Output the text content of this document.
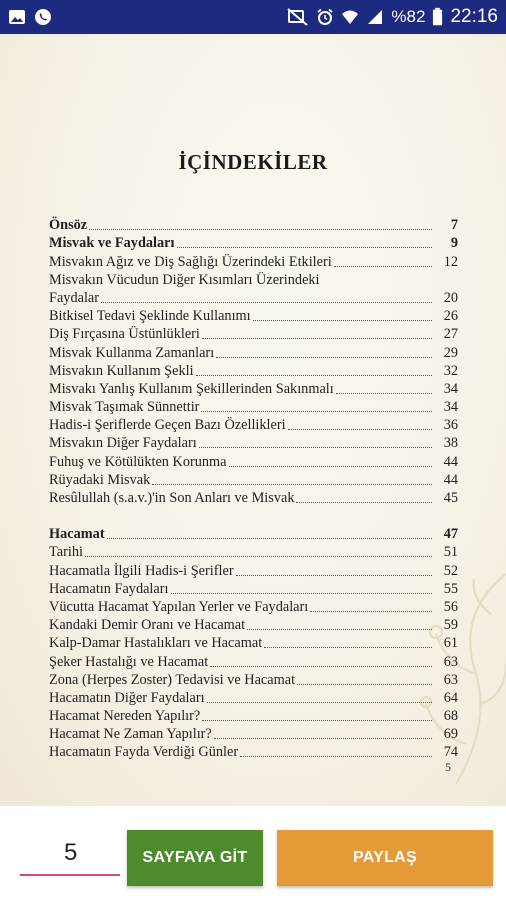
%82 22:16
İÇİNDEKİLER
Önsöz	7
Misvak ve Faydaları	9
Misvakın Ağız ve Diş Sağlığı Üzerindeki Etkileri	12
Misvakın Vücudun Diğer Kısımları Üzerindeki
Faydalar	20
Bitkisel Tedavi Şeklinde Kullanımı	26
Diş Fırçasına Üstünlükleri	27
Misvak Kullanma Zamanları	29
Misvakın Kullanım Şekli	32
Misvakı Yanlış Kullanım Şekillerinden Sakınmalı	34
Misvak Taşımak Sünnettir	34
Hadis-i Şeriflerde Geçen Bazı Özellikleri	36
Misvakın Diğer Faydaları	38
Fuhuş ve Kötülükten Korunma	44
Rüyadaki Misvak	44
Resûlullah (s.a.v.)'in Son Anları ve Misvak	45
Hacamat	47
Tarihi	51
Hacamatla İlgili Hadis-i Şerifler	52
Hacamatın Faydaları	55
Vücutta Hacamat Yapılan Yerler ve Faydaları	56
Kandaki Demir Oranı ve Hacamat	59
Kalp-Damar Hastalıkları ve Hacamat	61
Şeker Hastalığı ve Hacamat	63
Zona (Herpes Zoster) Tedavisi ve Hacamat	63
Hacamatın Diğer Faydaları	64
Hacamat Nereden Yapılır?	68
Hacamat Ne Zaman Yapılır?	69
Hacamatın Fayda Verdiği Günler	74
5
5
SAYFAYA GİT	PAYLAŞ
